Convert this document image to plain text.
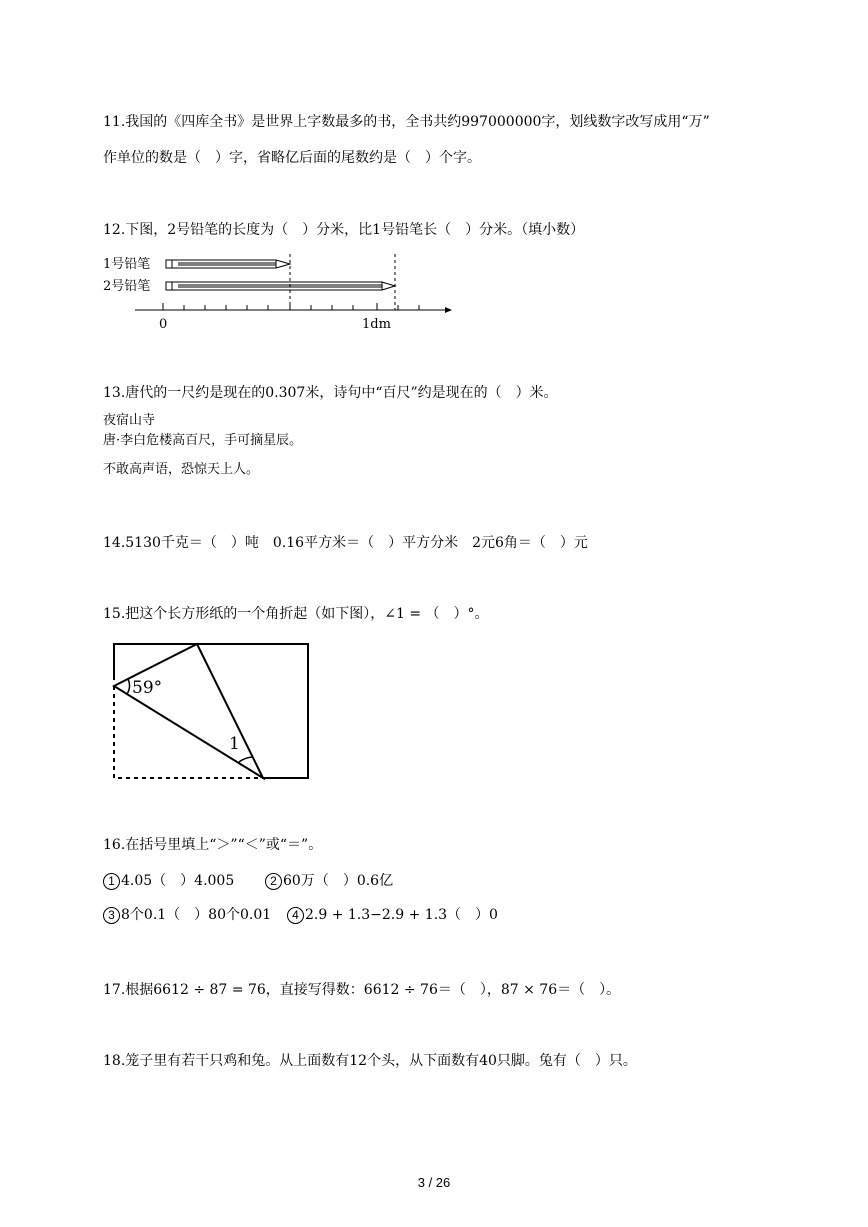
11.我国的《四库全书》是世界上字数最多的书，全书共约997000000字，划线数字改写成用“万”
作单位的数是（　）字，省略亿后面的尾数约是（　）个字。
12.下图，2号铅笔的长度为（　）分米，比1号铅笔长（　）分米。（填小数）
1号铅笔
2号铅笔
0	1dm
13.唐代的一尺约是现在的0.307米，诗句中“百尺”约是现在的（　）米。
夜宿山寺
唐·李白危楼高百尺，手可摘星辰。
不敢高声语，恐惊天上人。
14.5130千克＝（　）吨　0.16平方米＝（　）平方分米　2元6角＝（　）元
15.把这个长方形纸的一个角折起（如下图），∠1 = （　）°。
59°
1
16.在括号里填上“＞”“＜”或“＝”。
1 4.05（　）4.005	2 60万（　）0.6亿
3 8个0.1（　）80个0.01	4 2.9 + 1.3−2.9 + 1.3（　）0
17.根据6612 ÷ 87 = 76，直接写得数：6612 ÷ 76＝（　），87 × 76＝（　）。
18.笼子里有若干只鸡和兔。从上面数有12个头，从下面数有40只脚。兔有（　）只。
3 / 26
